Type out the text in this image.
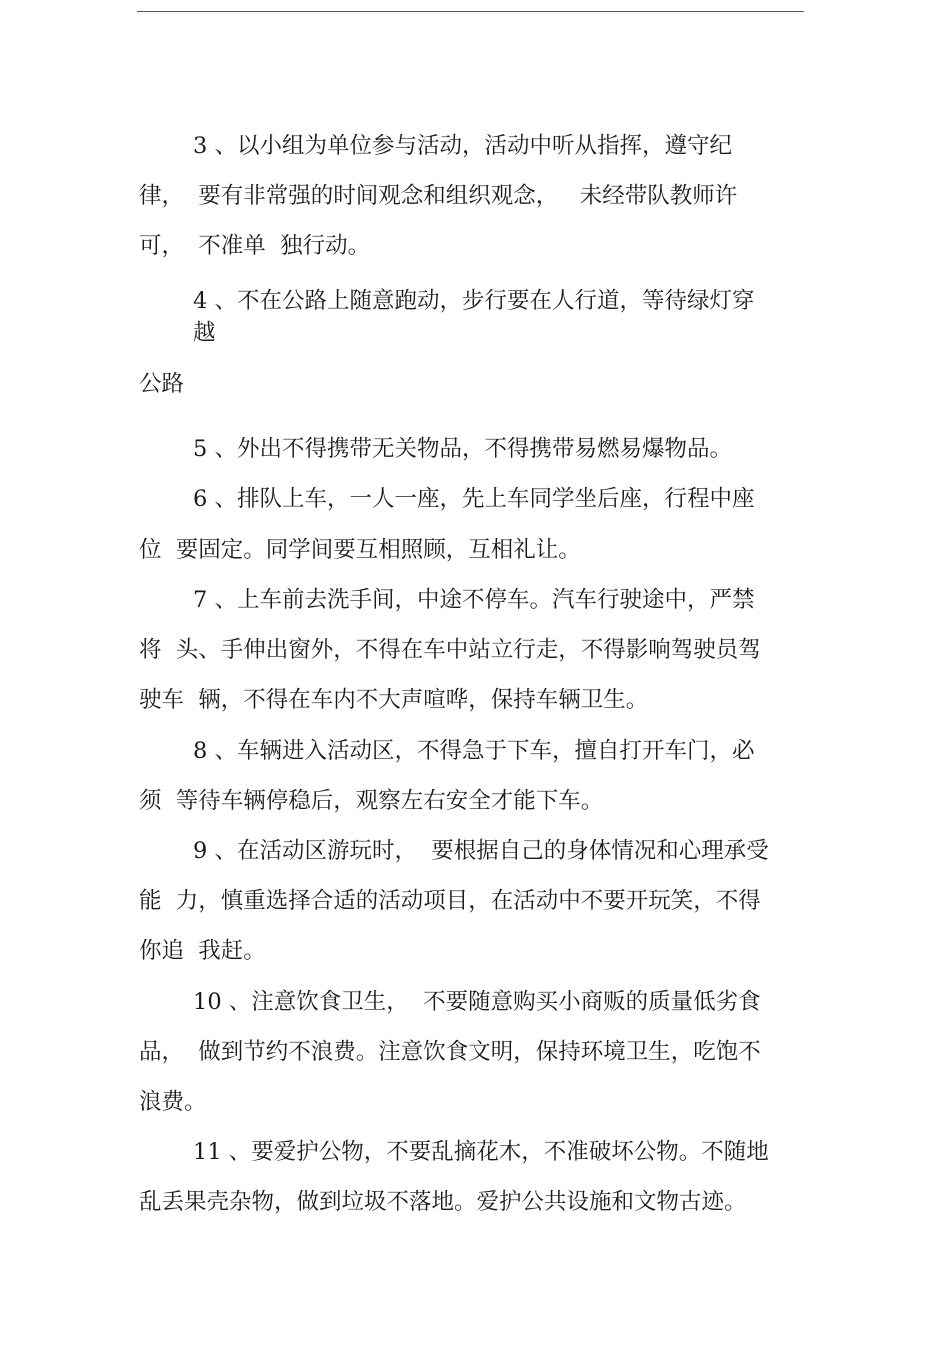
3 、以小组为单位参与活动，活动中听从指挥，遵守纪
律，  要有非常强的时间观念和组织观念，   未经带队教师许
可，  不准单  独行动。
4 、不在公路上随意跑动，步行要在人行道，等待绿灯穿
越
公路
5 、外出不得携带无关物品，不得携带易燃易爆物品。
6 、排队上车，一人一座，先上车同学坐后座，行程中座
位  要固定。同学间要互相照顾，互相礼让。
7 、上车前去洗手间，中途不停车。汽车行驶途中，严禁
将  头、手伸出窗外，不得在车中站立行走，不得影响驾驶员驾
驶车  辆，不得在车内不大声喧哗，保持车辆卫生。
8 、车辆进入活动区，不得急于下车，擅自打开车门，必
须  等待车辆停稳后，观察左右安全才能下车。
9 、在活动区游玩时，  要根据自己的身体情况和心理承受
能  力，慎重选择合适的活动项目，在活动中不要开玩笑，不得
你追  我赶。
10 、注意饮食卫生，  不要随意购买小商贩的质量低劣食
品，  做到节约不浪费。注意饮食文明，保持环境卫生，吃饱不
浪费。
11 、要爱护公物，不要乱摘花木，不准破坏公物。不随地
乱丢果壳杂物，做到垃圾不落地。爱护公共设施和文物古迹。
